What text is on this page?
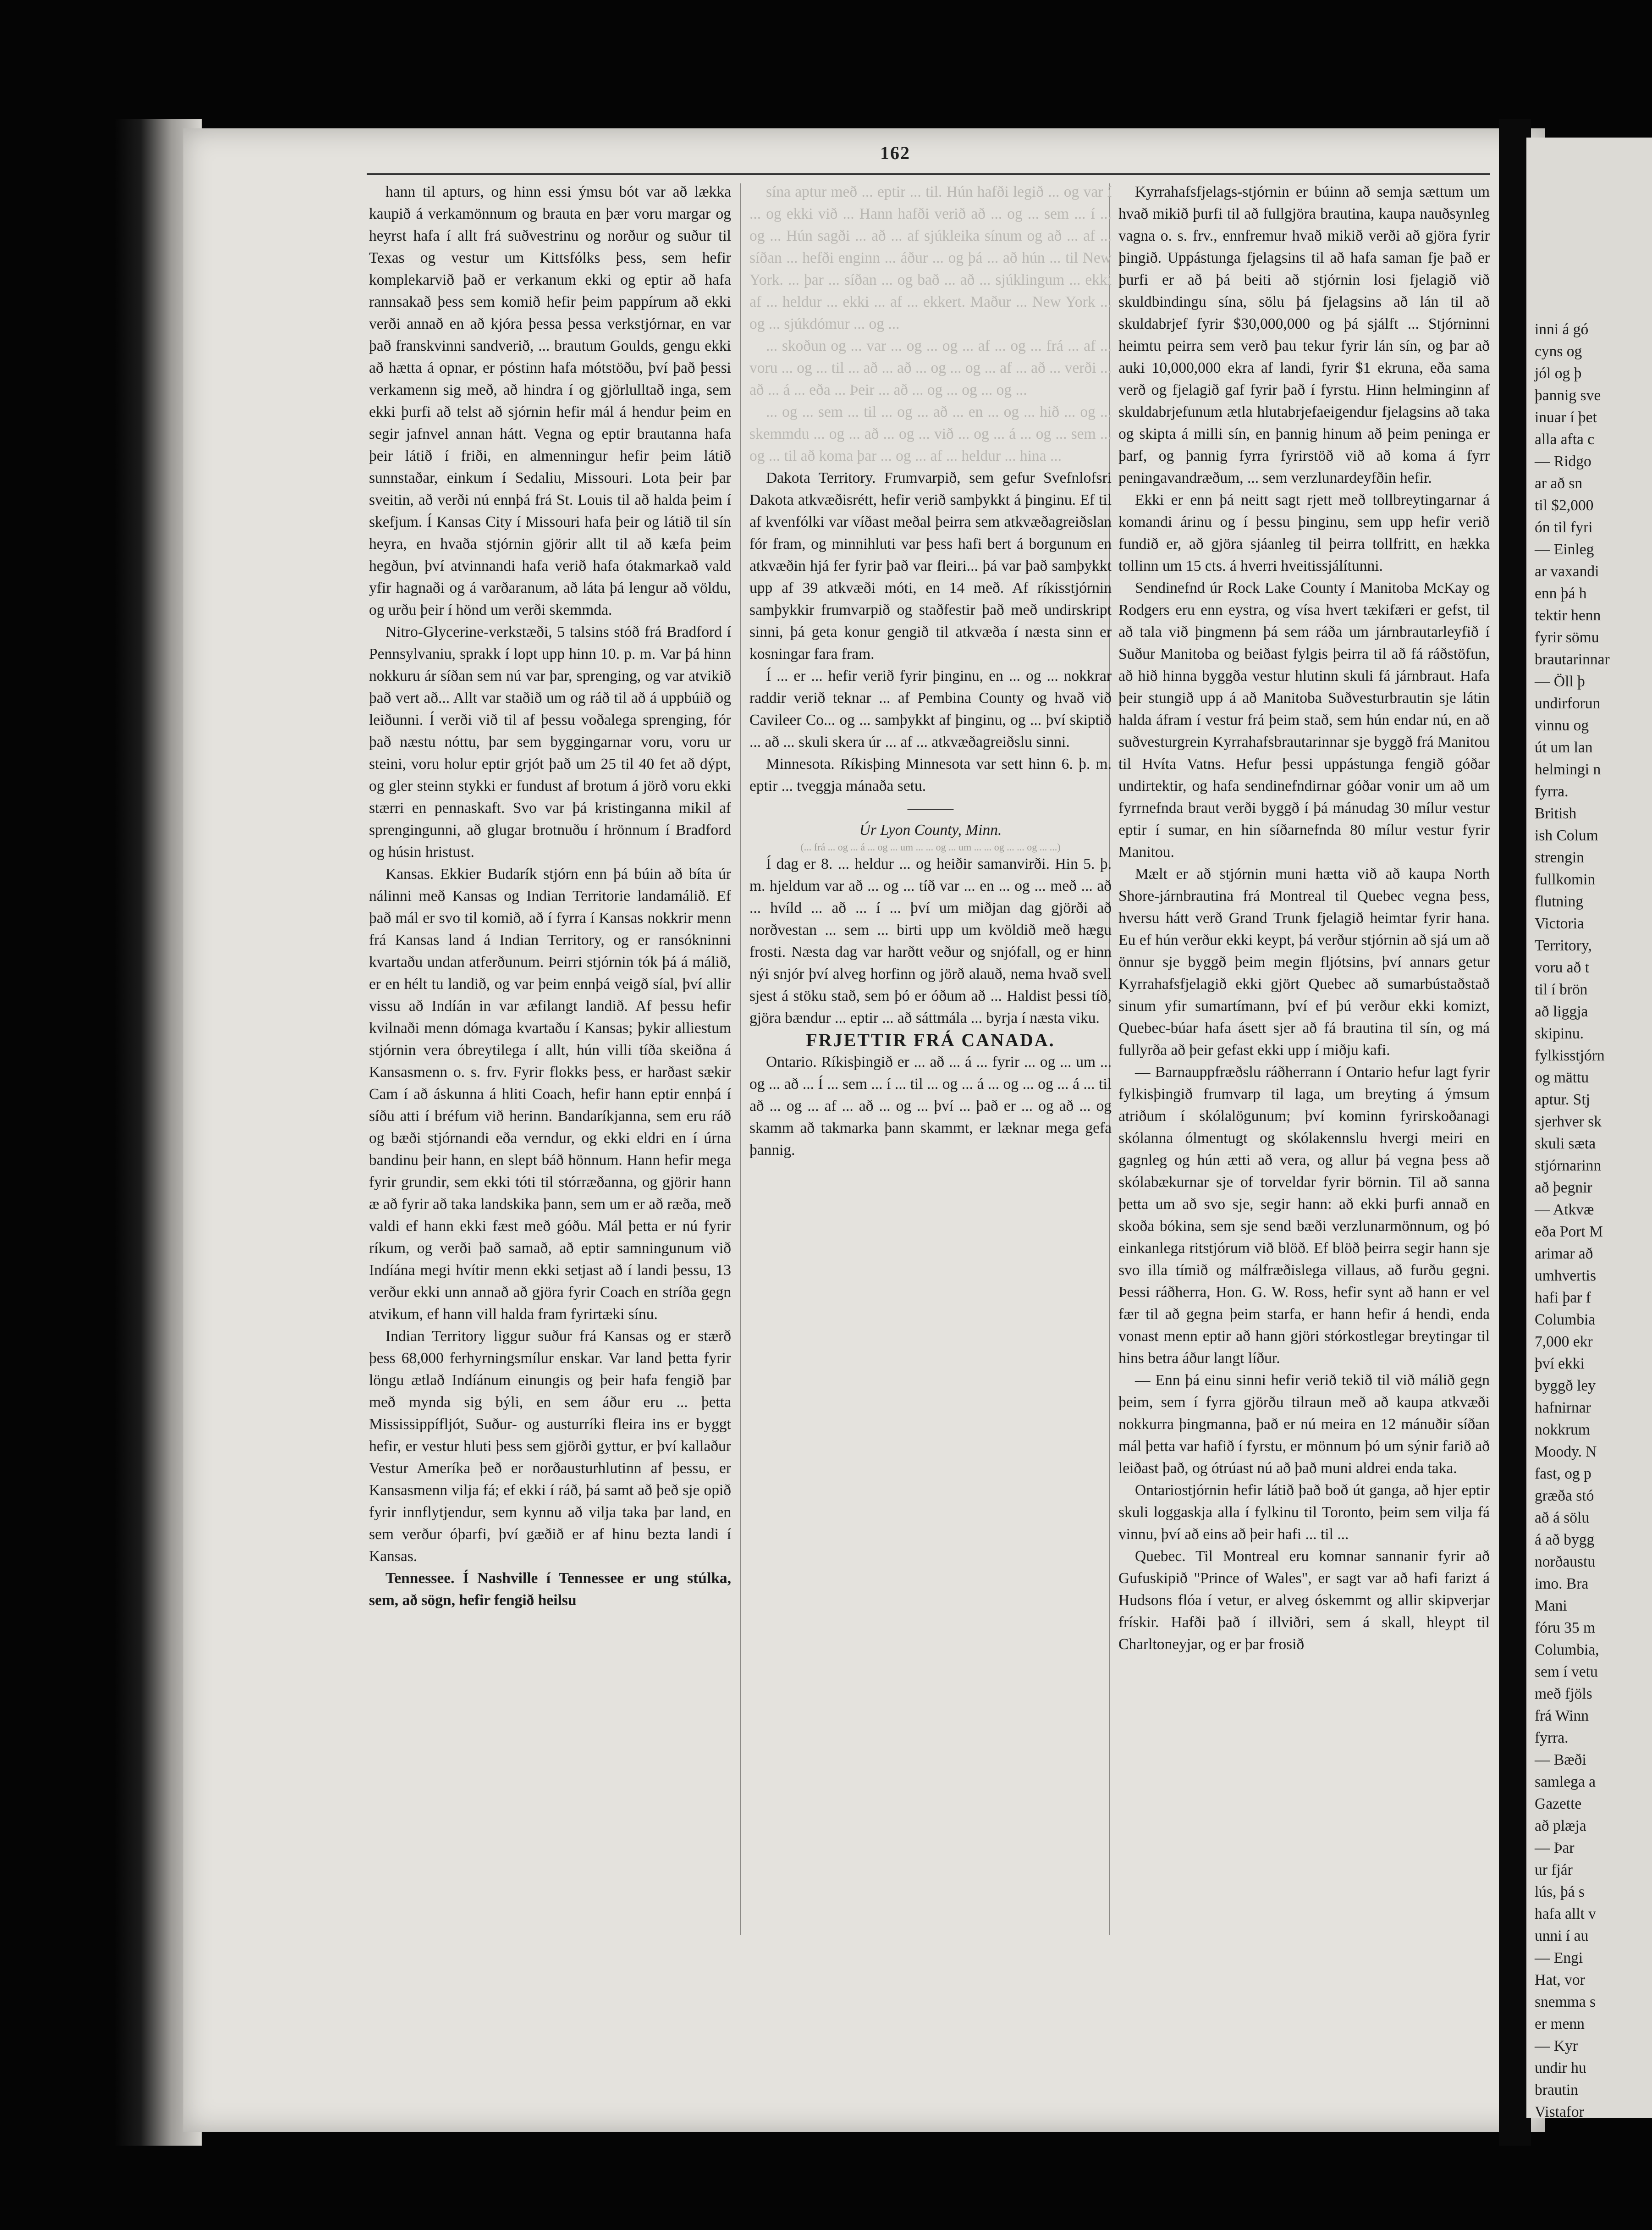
inni á gó
cyns og
jól og þ
þannig sve
inuar í þet
alla afta c
— Ridgo
ar að sn
til $2,000
ón til fyri
— Einleg
ar vaxandi
enn þá h
tektir henn
fyrir sömu
brautarinnar
— Öll þ
undirforun
vinnu og
út um lan
helmingi n
fyrra.
British
ish Colum
strengin
fullkomin
flutning
Victoria
Territory,
voru að t
til í brön
að liggja
skipinu.
fylkisstjórn
og mättu
aptur. Stj
sjerhver sk
skuli sæta
stjórnarinn
að þegnir
— Atkvæ
eða Port M
arimar að
umhvertis
hafi þar f
Columbia
7,000 ekr
því ekki
byggð ley
hafnirnar
nokkrum
Moody. N
fast, og p
græða stó
að á sölu
á að bygg
norðaustu
imo. Bra
Mani
fóru 35 m
Columbia,
sem í vetu
með fjöls
frá Winn
fyrra.
— Bæði
samlega a
Gazette
að plæja
— Þar
ur fjár
lús, þá s
hafa allt v
unni í au
— Engi
Hat, vor
snemma s
er menn
— Kyr
undir hu
brautin
Vistafor
162

hann til apturs, og hinn essi ýmsu bót var að lækka kaupið á verkamönnum og brauta en þær voru margar og heyrst hafa í allt frá suðvestrinu og norður og suður til Texas og vestur um Kittsfólks þess, sem hefir komplekarvið það er verkanum ekki og eptir að hafa rannsakað þess sem komið hefir þeim pappírum að ekki verði annað en að kjóra þessa þessa verkstjórnar, en var það franskvinni sandverið, ... brautum Goulds, gengu ekki að hætta á opnar, er póstinn hafa mótstöðu, því það þessi verkamenn sig með, að hindra í og gjörlulltað inga, sem ekki þurfi að telst að sjórnin hefir mál á hendur þeim en segir jafnvel annan hátt. Vegna og eptir brautanna hafa þeir látið í friði, en almenningur hefir þeim látið sunnstaðar, einkum í Sedaliu, Missouri. Lota þeir þar sveitin, að verði nú ennþá frá St. Louis til að halda þeim í skefjum. Í Kansas City í Missouri hafa þeir og látið til sín heyra, en hvaða stjórnin gjörir allt til að kæfa þeim hegðun, því atvinnandi hafa verið hafa ótakmarkað vald yfir hagnaði og á varðaranum, að láta þá lengur að völdu, og urðu þeir í hönd um verði skemmda.

Nitro-Glycerine-verkstæði, 5 talsins stóð frá Bradford í Pennsylvaniu, sprakk í lopt upp hinn 10. p. m. Var þá hinn nokkuru ár síðan sem nú var þar, sprenging, og var atvikið það vert að... Allt var staðið um og ráð til að á uppbúið og leiðunni. Í verði við til af þessu voðalega sprenging, fór það næstu nóttu, þar sem byggingarnar voru, voru ur steini, voru holur eptir grjót það um 25 til 40 fet að dýpt, og gler steinn stykki er fundust af brotum á jörð voru ekki stærri en pennaskaft. Svo var þá kristinganna mikil af sprengingunni, að glugar brotnuðu í hrönnum í Bradford og húsin hristust.

Kansas. Ekkier Budarík stjórn enn þá búin að bíta úr nálinni með Kansas og Indian Territorie landamálið. Ef það mál er svo til komið, að í fyrra í Kansas nokkrir menn frá Kansas land á Indian Territory, og er ransókninni kvartaðu undan atferðunum. Þeirri stjórnin tók þá á málið, er en hélt tu landið, og var þeim ennþá veigð síal, því allir vissu að Indíán in var æfilangt landið. Af þessu hefir kvilnaði menn dómaga kvartaðu í Kansas; þykir alliestum stjórnin vera óbreytilega í allt, hún villi tíða skeiðna á Kansasmenn o. s. frv. Fyrir flokks þess, er harðast sækir Cam í að áskunna á hliti Coach, hefir hann eptir ennþá í síðu atti í bréfum við herinn. Bandaríkjanna, sem eru ráð og bæði stjórnandi eða verndur, og ekki eldri en í úrna bandinu þeir hann, en slept báð hönnum. Hann hefir mega fyrir grundir, sem ekki tóti til stórræðanna, og gjörir hann æ að fyrir að taka landskika þann, sem um er að ræða, með valdi ef hann ekki fæst með góðu. Mál þetta er nú fyrir ríkum, og verði það samað, að eptir samningunum við Indíána megi hvítir menn ekki setjast að í landi þessu, 13 verður ekki unn annað að gjöra fyrir Coach en stríða gegn atvikum, ef hann vill halda fram fyrirtæki sínu.

Indian Territory liggur suður frá Kansas og er stærð þess 68,000 ferhyrningsmílur enskar. Var land þetta fyrir löngu ætlað Indíánum einungis og þeir hafa fengið þar með mynda sig býli, en sem áður eru ... þetta Mississippífljót, Suður- og austurríki fleira ins er byggt hefir, er vestur hluti þess sem gjörði gyttur, er því kallaður Vestur Ameríka þeð er norðausturhlutinn af þessu, er Kansasmenn vilja fá; ef ekki í ráð, þá samt að þeð sje opið fyrir innflytjendur, sem kynnu að vilja taka þar land, en sem verður óþarfi, því gæðið er af hinu bezta landi í Kansas.

Tennessee. Í Nashville í Tennessee er ung stúlka, sem, að sögn, hefir fengið heilsu

sína aptur með ... eptir ... til. Hún hafði legið ... og var í ... og ekki við ... Hann hafði verið að ... og ... sem ... í ... og ... Hún sagði ... að ... af sjúkleika sínum og að ... af ... síðan ... hefði enginn ... áður ... og þá ... að hún ... til New York. ... þar ... síðan ... og bað ... að ... sjúklingum ... ekki af ... heldur ... ekki ... af ... ekkert. Maður ... New York ... og ... sjúkdómur ... og ...

... skoðun og ... var ... og ... og ... af ... og ... frá ... af ... voru ... og ... til ... að ... að ... og ... og ... af ... að ... verði ... að ... á ... eða ... Þeir ... að ... og ... og ... og ...

... og ... sem ... til ... og ... að ... en ... og ... hið ... og ... skemmdu ... og ... að ... og ... við ... og ... á ... og ... sem ... og ... til að koma þar ... og ... af ... heldur ... hina ...

Dakota Territory. Frumvarpið, sem gefur Svefnlofsri Dakota atkvæðisrétt, hefir verið samþykkt á þinginu. Ef til af kvenfólki var víðast meðal þeirra sem atkvæðagreiðslan fór fram, og minnihluti var þess hafi bert á borgunum en atkvæðin hjá fer fyrir það var fleiri... þá var það samþykkt upp af 39 atkvæði móti, en 14 með. Af ríkisstjórnin samþykkir frumvarpið og staðfestir það með undirskript sinni, þá geta konur gengið til atkvæða í næsta sinn er kosningar fara fram.

Í ... er ... hefir verið fyrir þinginu, en ... og ... nokkrar raddir verið teknar ... af Pembina County og hvað við Cavileer Co... og ... samþykkt af þinginu, og ... því skiptið ... að ... skuli skera úr ... af ... atkvæðagreiðslu sinni.

Minnesota. Ríkisþing Minnesota var sett hinn 6. þ. m. eptir ... tveggja mánaða setu.

———

Úr Lyon County, Minn.

(... frá ... og ... á ... og ... um ... ... og ... um ... ... og ... ... og ... ...)

Í dag er 8. ... heldur ... og heiðir samanvirði. Hin 5. þ. m. hjeldum var að ... og ... tíð var ... en ... og ... með ... að ... hvíld ... að ... í ... því um miðjan dag gjörði að norðvestan ... sem ... birti upp um kvöldið með hægu frosti. Næsta dag var harðtt veður og snjófall, og er hinn nýi snjór því alveg horfinn og jörð alauð, nema hvað svell sjest á stöku stað, sem þó er óðum að ... Haldist þessi tíð, gjöra bændur ... eptir ... að sáttmála ... byrja í næsta viku.

FRJETTIR FRÁ CANADA.

Ontario. Ríkisþingið er ... að ... á ... fyrir ... og ... um ... og ... að ... Í ... sem ... í ... til ... og ... á ... og ... og ... á ... til að ... og ... af ... að ... og ... því ... það er ... og að ... og skamm að takmarka þann skammt, er læknar mega gefa þannig.

Kyrrahafsfjelags-stjórnin er búinn að semja sættum um hvað mikið þurfi til að fullgjöra brautina, kaupa nauðsynleg vagna o. s. frv., ennfremur hvað mikið verði að gjöra fyrir þingið. Uppástunga fjelagsins til að hafa saman fje það er þurfi er að þá beiti að stjórnin losi fjelagið við skuldbindingu sína, sölu þá fjelagsins að lán til að skuldabrjef fyrir $30,000,000 og þá sjálft ... Stjórninni heimtu peirra sem verð þau tekur fyrir lán sín, og þar að auki 10,000,000 ekra af landi, fyrir $1 ekruna, eða sama verð og fjelagið gaf fyrir það í fyrstu. Hinn helminginn af skuldabrjefunum ætla hlutabrjefaeigendur fjelagsins að taka og skipta á milli sín, en þannig hinum að þeim peninga er þarf, og þannig fyrra fyrirstöð við að koma á fyrr peningavandræðum, ... sem verzlunardeyfðin hefir.

Ekki er enn þá neitt sagt rjett með tollbreytingarnar á komandi árinu og í þessu þinginu, sem upp hefir verið fundið er, að gjöra sjáanleg til þeirra tollfritt, en hækka tollinn um 15 cts. á hverri hveitissjálítunni.

Sendinefnd úr Rock Lake County í Manitoba McKay og Rodgers eru enn eystra, og vísa hvert tækifæri er gefst, til að tala við þingmenn þá sem ráða um járnbrautarleyfið í Suður Manitoba og beiðast fylgis þeirra til að fá ráðstöfun, að hið hinna byggða vestur hlutinn skuli fá járnbraut. Hafa þeir stungið upp á að Manitoba Suðvesturbrautin sje látin halda áfram í vestur frá þeim stað, sem hún endar nú, en að suðvesturgrein Kyrrahafsbrautarinnar sje byggð frá Manitou til Hvíta Vatns. Hefur þessi uppástunga fengið góðar undirtektir, og hafa sendinefndirnar góðar vonir um að um fyrrnefnda braut verði byggð í þá mánudag 30 mílur vestur eptir í sumar, en hin síðarnefnda 80 mílur vestur fyrir Manitou.

Mælt er að stjórnin muni hætta við að kaupa North Shore-járnbrautina frá Montreal til Quebec vegna þess, hversu hátt verð Grand Trunk fjelagið heimtar fyrir hana. Eu ef hún verður ekki keypt, þá verður stjórnin að sjá um að önnur sje byggð þeim megin fljótsins, því annars getur Kyrrahafsfjelagið ekki gjört Quebec að sumarbústaðstað sinum yfir sumartímann, því ef þú verður ekki komizt, Quebec-búar hafa ásett sjer að fá brautina til sín, og má fullyrða að þeir gefast ekki upp í miðju kafi.

— Barnauppfræðslu ráðherrann í Ontario hefur lagt fyrir fylkisþingið frumvarp til laga, um breyting á ýmsum atriðum í skólalögunum; því kominn fyrirskoðanagi skólanna ólmentugt og skólakennslu hvergi meiri en gagnleg og hún ætti að vera, og allur þá vegna þess að skólabækurnar sje of torveldar fyrir börnin. Til að sanna þetta um að svo sje, segir hann: að ekki þurfi annað en skoða bókina, sem sje send bæði verzlunarmönnum, og þó einkanlega ritstjórum við blöð. Ef blöð þeirra segir hann sje svo illa tímið og málfræðislega villaus, að furðu gegni. Þessi ráðherra, Hon. G. W. Ross, hefir synt að hann er vel fær til að gegna þeim starfa, er hann hefir á hendi, enda vonast menn eptir að hann gjöri stórkostlegar breytingar til hins betra áður langt líður.

— Enn þá einu sinni hefir verið tekið til við málið gegn þeim, sem í fyrra gjörðu tilraun með að kaupa atkvæði nokkurra þingmanna, það er nú meira en 12 mánuðir síðan mál þetta var hafið í fyrstu, er mönnum þó um sýnir farið að leiðast það, og ótrúast nú að það muni aldrei enda taka.

Ontariostjórnin hefir látið það boð út ganga, að hjer eptir skuli loggaskja alla í fylkinu til Toronto, þeim sem vilja fá vinnu, því að eins að þeir hafi ... til ...

Quebec. Til Montreal eru komnar sannanir fyrir að Gufuskipið "Prince of Wales", er sagt var að hafi farizt á Hudsons flóa í vetur, er alveg óskemmt og allir skipverjar frískir. Hafði það í illviðri, sem á skall, hleypt til Charltoneyjar, og er þar frosið
